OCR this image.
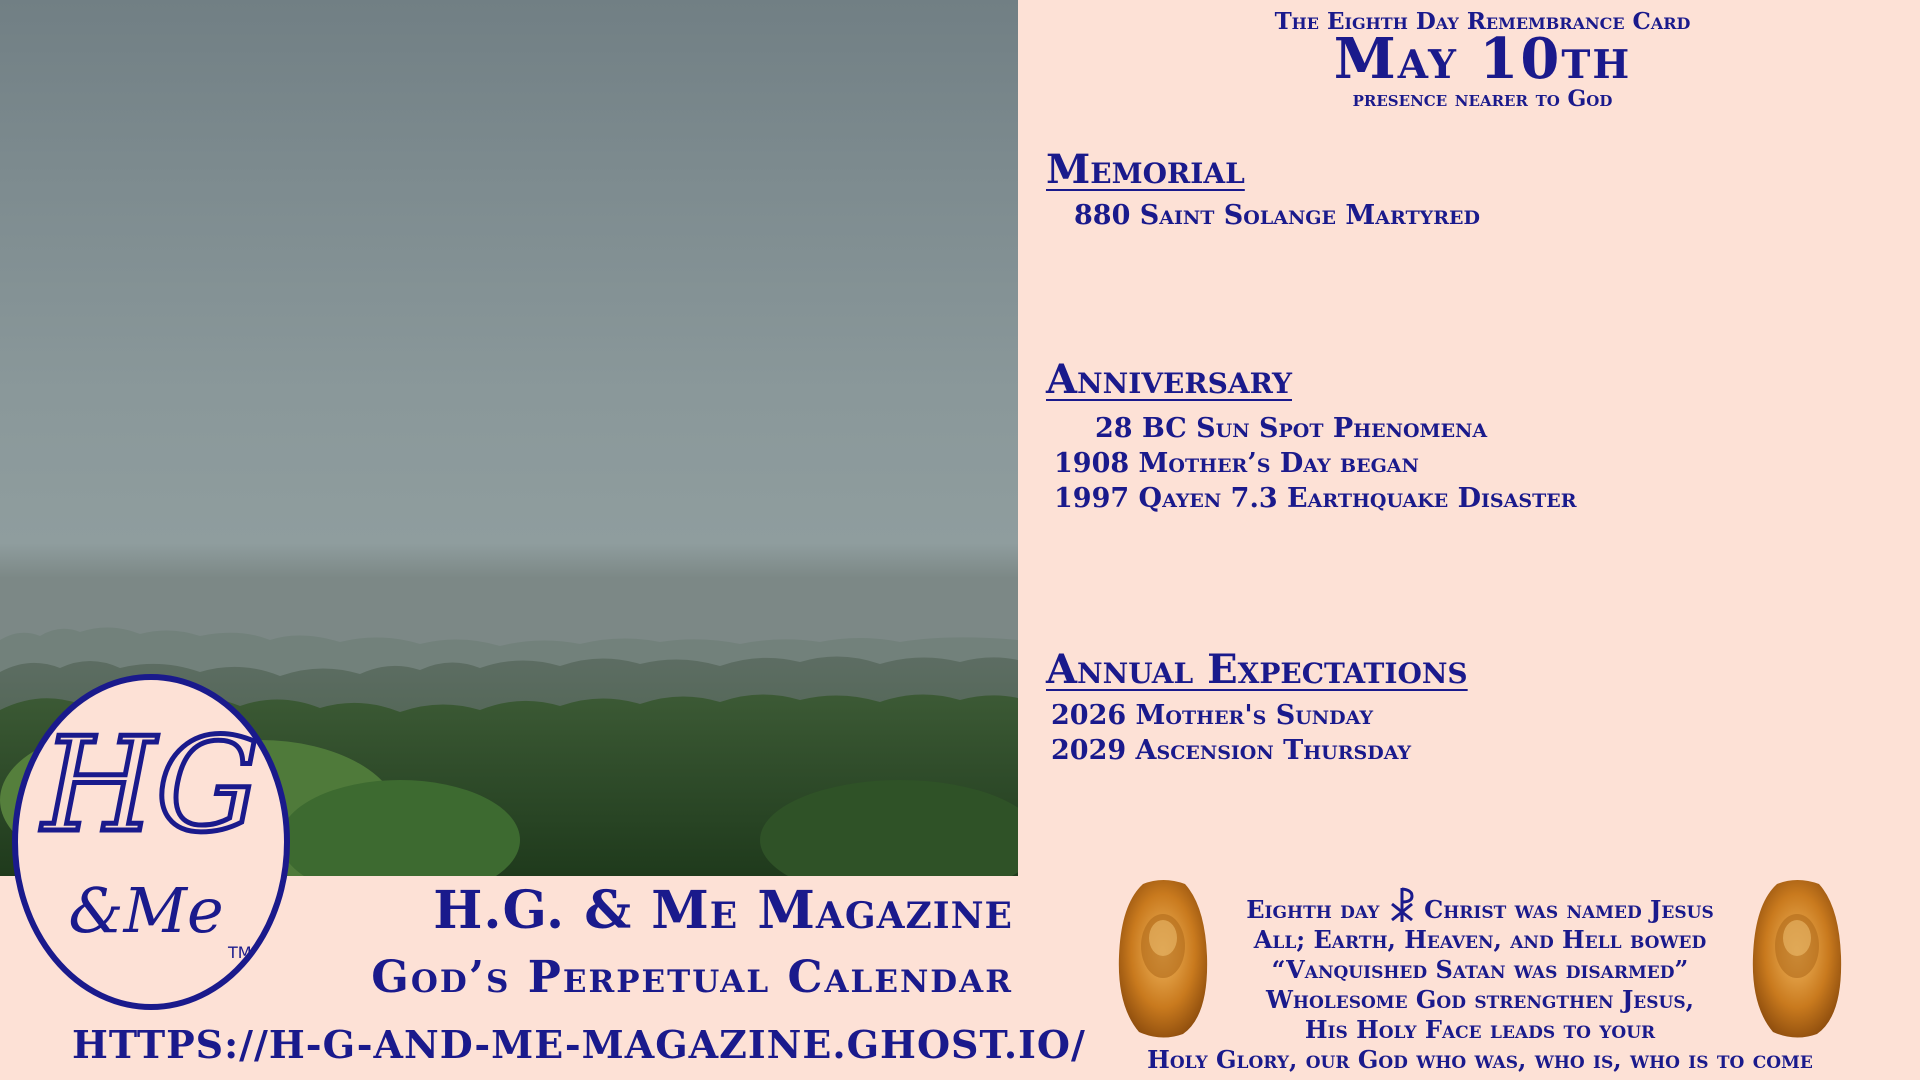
HG
&Me
TM
H.G. & Me Magazine
God’s Perpetual Calendar
HTTPS://H-G-AND-ME-MAGAZINE.GHOST.IO/
The Eighth Day Remembrance Card
May 10th
presence nearer to God
Memorial
880 Saint Solange Martyred
Anniversary
28 BC Sun Spot Phenomena
1908 Mother’s Day began
1997 Qayen 7.3 Earthquake Disaster
Annual Expectations
2026 Mother's Sunday
2029 Ascension Thursday
Eighth day Christ was named Jesus
All; Earth, Heaven, and Hell bowed
“Vanquished Satan was disarmed”
Wholesome God strengthen Jesus,
His Holy Face leads to your
Holy Glory, our God who was, who is, who is to come
